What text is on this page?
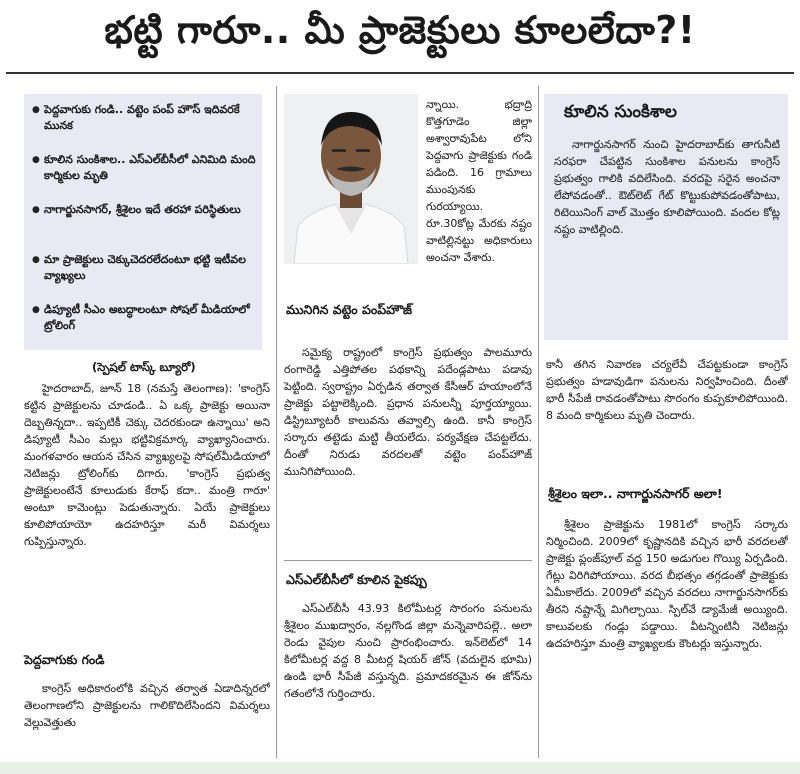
భట్టి గారూ.. మీ ప్రాజెక్టులు కూలలేదా?!
● పెద్దవాగుకు గండి.. వట్టెం పంప్ హౌస్ ఇదివరకే మునక
● కూలిన సుంకిశాల.. ఎస్ఎల్‌బీసీలో ఎనిమిది మంది కార్మికుల మృతి
● నాగార్జునసాగర్, శ్రీశైలం ఇదే తరహా పరిస్థితులు
● మా ప్రాజెక్టులు చెక్కుచెదరలేదంటూ భట్టి ఇటీవల వ్యాఖ్యలు
● డిప్యూటీ సీఎం అబద్ధాలంటూ సోషల్ మీడియాలో ట్రోలింగ్
(స్పెషల్ టాస్క్ బ్యూరో)

హైదరాబాద్, జూన్ 18 (నమస్తే తెలంగాణ): 'కాంగ్రెస్ కట్టిన ప్రాజెక్టులను చూడండి.. ఏ ఒక్క ప్రాజెక్టు అయినా దెబ్బతిన్నదా.. ఇప్పటికీ చెక్కు చెదరకుండా ఉన్నాయి' అని డిప్యూటీ సీఎం మల్లు భట్టివిక్రమార్క వ్యాఖ్యానించారు. మంగళవారం ఆయన చేసిన వ్యాఖ్యలపై సోషల్‌మీడియాలో నెటిజన్లు ట్రోలింగ్‌కు దిగారు. 'కాంగ్రెస్ ప్రభుత్వ ప్రాజెక్టులంటేనే కూలుడుకు కేరాఫ్ కదా.. మంత్రి గారూ' అంటూ కామెంట్లు పెడుతున్నారు. ఏయే ప్రాజెక్టులు కూలిపోయాయో ఉదహరిస్తూ మరీ విమర్శలు గుప్పిస్తున్నారు.

పెద్దవాగుకు గండి

కాంగ్రెస్ అధికారంలోకి వచ్చిన తర్వాత ఏడాదిన్నరలో తెలంగాణలోని ప్రాజెక్టులను గాలికొదిలేసిందని విమర్శలు వెల్లువెత్తుతు

న్నాయి. భద్రాద్రి కొత్తగూడెం జిల్లా అశ్వారావుపేట లోని పెద్దవాగు ప్రాజెక్టుకు గండి పడింది. 16 గ్రామాలు ముంపునకు గురయ్యాయి. రూ.30కోట్ల మేరకు నష్టం వాటిల్లినట్టు అధికారులు అంచనా వేశారు.

మునిగిన వట్టెం పంప్‌హౌజ్

సమైక్య రాష్ట్రంలో కాంగ్రెస్ ప్రభుత్వం పాలమూరు రంగారెడ్డి ఎత్తిపోతల పథకాన్ని పదేండ్లపాటు పడావు పెట్టింది. స్వరాష్ట్రం ఏర్పడిన తర్వాత కేసీఆర్ హయాంలోనే ప్రాజెక్టు పట్టాలెక్కింది. ప్రధాన పనులన్నీ పూర్తయ్యాయి. డిస్ట్రిబ్యూటరీ కాలువను తవ్వాల్సి ఉంది. కానీ కాంగ్రెస్ సర్కారు తట్టెడు మట్టి తీయలేదు. పర్యవేక్షణ చేపట్టలేదు. దీంతో నిరుడు వరదలతో వట్టెం పంప్‌హౌజ్ మునిగిపోయింది.

ఎస్ఎల్‌బీసీలో కూలిన పైకప్పు

ఎస్ఎల్‌బీసీ 43.93 కిలోమీటర్ల సొరంగం పనులను శ్రీశైలం ముఖద్వారం, నల్లగొండ జిల్లా మన్నెవారిపల్లె.. అలా రెండు వైపుల నుంచి ప్రారంభించారు. ఇన్‌లెట్‌లో 14 కిలోమీటర్ల వద్ద 8 మీటర్ల షియర్ జోన్ (వదులైన భూమి) ఉండి భారీ సీపేజీ వస్తున్నది. ప్రమాదకరమైన ఈ జోన్‌ను గతంలోనే గుర్తించారు.

కూలిన సుంకిశాల

నాగార్జునసాగర్ నుంచి హైదరాబాద్‌కు తాగునీటి సరఫరా చేపట్టిన సుంకిశాల పనులను కాంగ్రెస్ ప్రభుత్వం గాలికి వదిలేసింది. వరదపై సరైన అంచనా లేపోవడంతో.. ఔట్‌లెట్ గేట్ కొట్టుకుపోవడంతోపాటు, రిటెయినింగ్ వాల్ మొత్తం కూలిపోయింది. వందల కోట్ల నష్టం వాటిల్లింది.

కానీ తగిన నివారణ చర్యలేవీ చేపట్టకుండా కాంగ్రెస్ ప్రభుత్వం హడావుడిగా పనులను నిర్వహించింది. దీంతో భారీ సీపేజీ రావడంతోపాటు సొరంగం కుప్పకూలిపోయింది. 8 మంది కార్మికులు మృతి చెందారు.

శ్రీశైలం ఇలా.. నాగార్జునసాగర్ అలా!

శ్రీశైలం ప్రాజెక్టును 1981లో కాంగ్రెస్ సర్కారు నిర్మించింది. 2009లో కృష్ణానదికి వచ్చిన భారీ వరదలతో ప్రాజెక్టు ప్లంజ్‌పూల్ వద్ద 150 అడుగుల గొయ్యి ఏర్పడింది. గేట్లు విరిగిపోయాయి. వరద బీభత్సం తగ్గడంతో ప్రాజెక్టుకు ఏమీకాలేదు. 2009లో వచ్చిన వరదలు నాగార్జునసాగర్‌కు తీరని నష్టాన్నే మిగిల్చాయి. స్పిల్‌వే డ్యామేజీ అయ్యింది. కాలువలకు గండ్లు పడ్డాయి. వీటన్నింటినీ నెటిజన్లు ఉదహరిస్తూ మంత్రి వ్యాఖ్యలకు కౌంటర్లు ఇస్తున్నారు.
